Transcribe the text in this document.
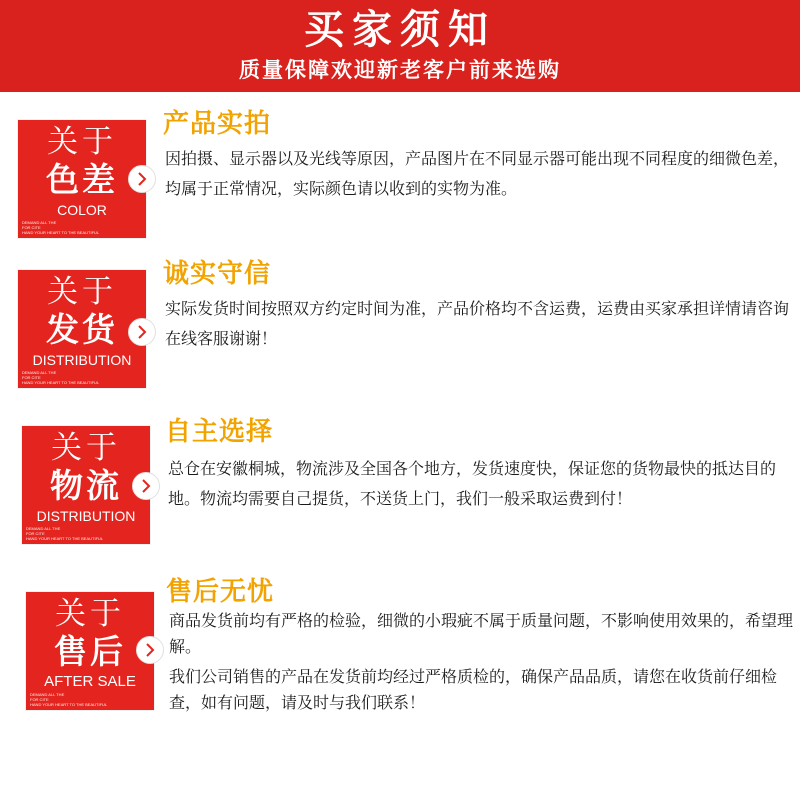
买家须知
质量保障欢迎新老客户前来选购
关于
色差
COLOR
DEMAND ALL THE
FOR CITE
HAND YOUR HEART TO THE BEAUTIFUL
产品实拍

因拍摄、显示器以及光线等原因，产品图片在不同显示器可能出现不同程度的细微色差，均属于正常情况，实际颜色请以收到的实物为准。

关于
发货
DISTRIBUTION
DEMAND ALL THE
FOR CITE
HAND YOUR HEART TO THE BEAUTIFUL
诚实守信

实际发货时间按照双方约定时间为准，产品价格均不含运费，运费由买家承担详情请咨询在线客服谢谢！

关于
物流
DISTRIBUTION
DEMAND ALL THE
FOR CITE
HAND YOUR HEART TO THE BEAUTIFUL
自主选择

总仓在安徽桐城，物流涉及全国各个地方，发货速度快，保证您的货物最快的抵达目的地。物流均需要自己提货，不送货上门，我们一般采取运费到付！

关于
售后
AFTER SALE
DEMAND ALL THE
FOR CITE
HAND YOUR HEART TO THE BEAUTIFUL
售后无忧

商品发货前均有严格的检验，细微的小瑕疵不属于质量问题，不影响使用效果的，希望理解。

我们公司销售的产品在发货前均经过严格质检的，确保产品品质，请您在收货前仔细检查，如有问题，请及时与我们联系！
